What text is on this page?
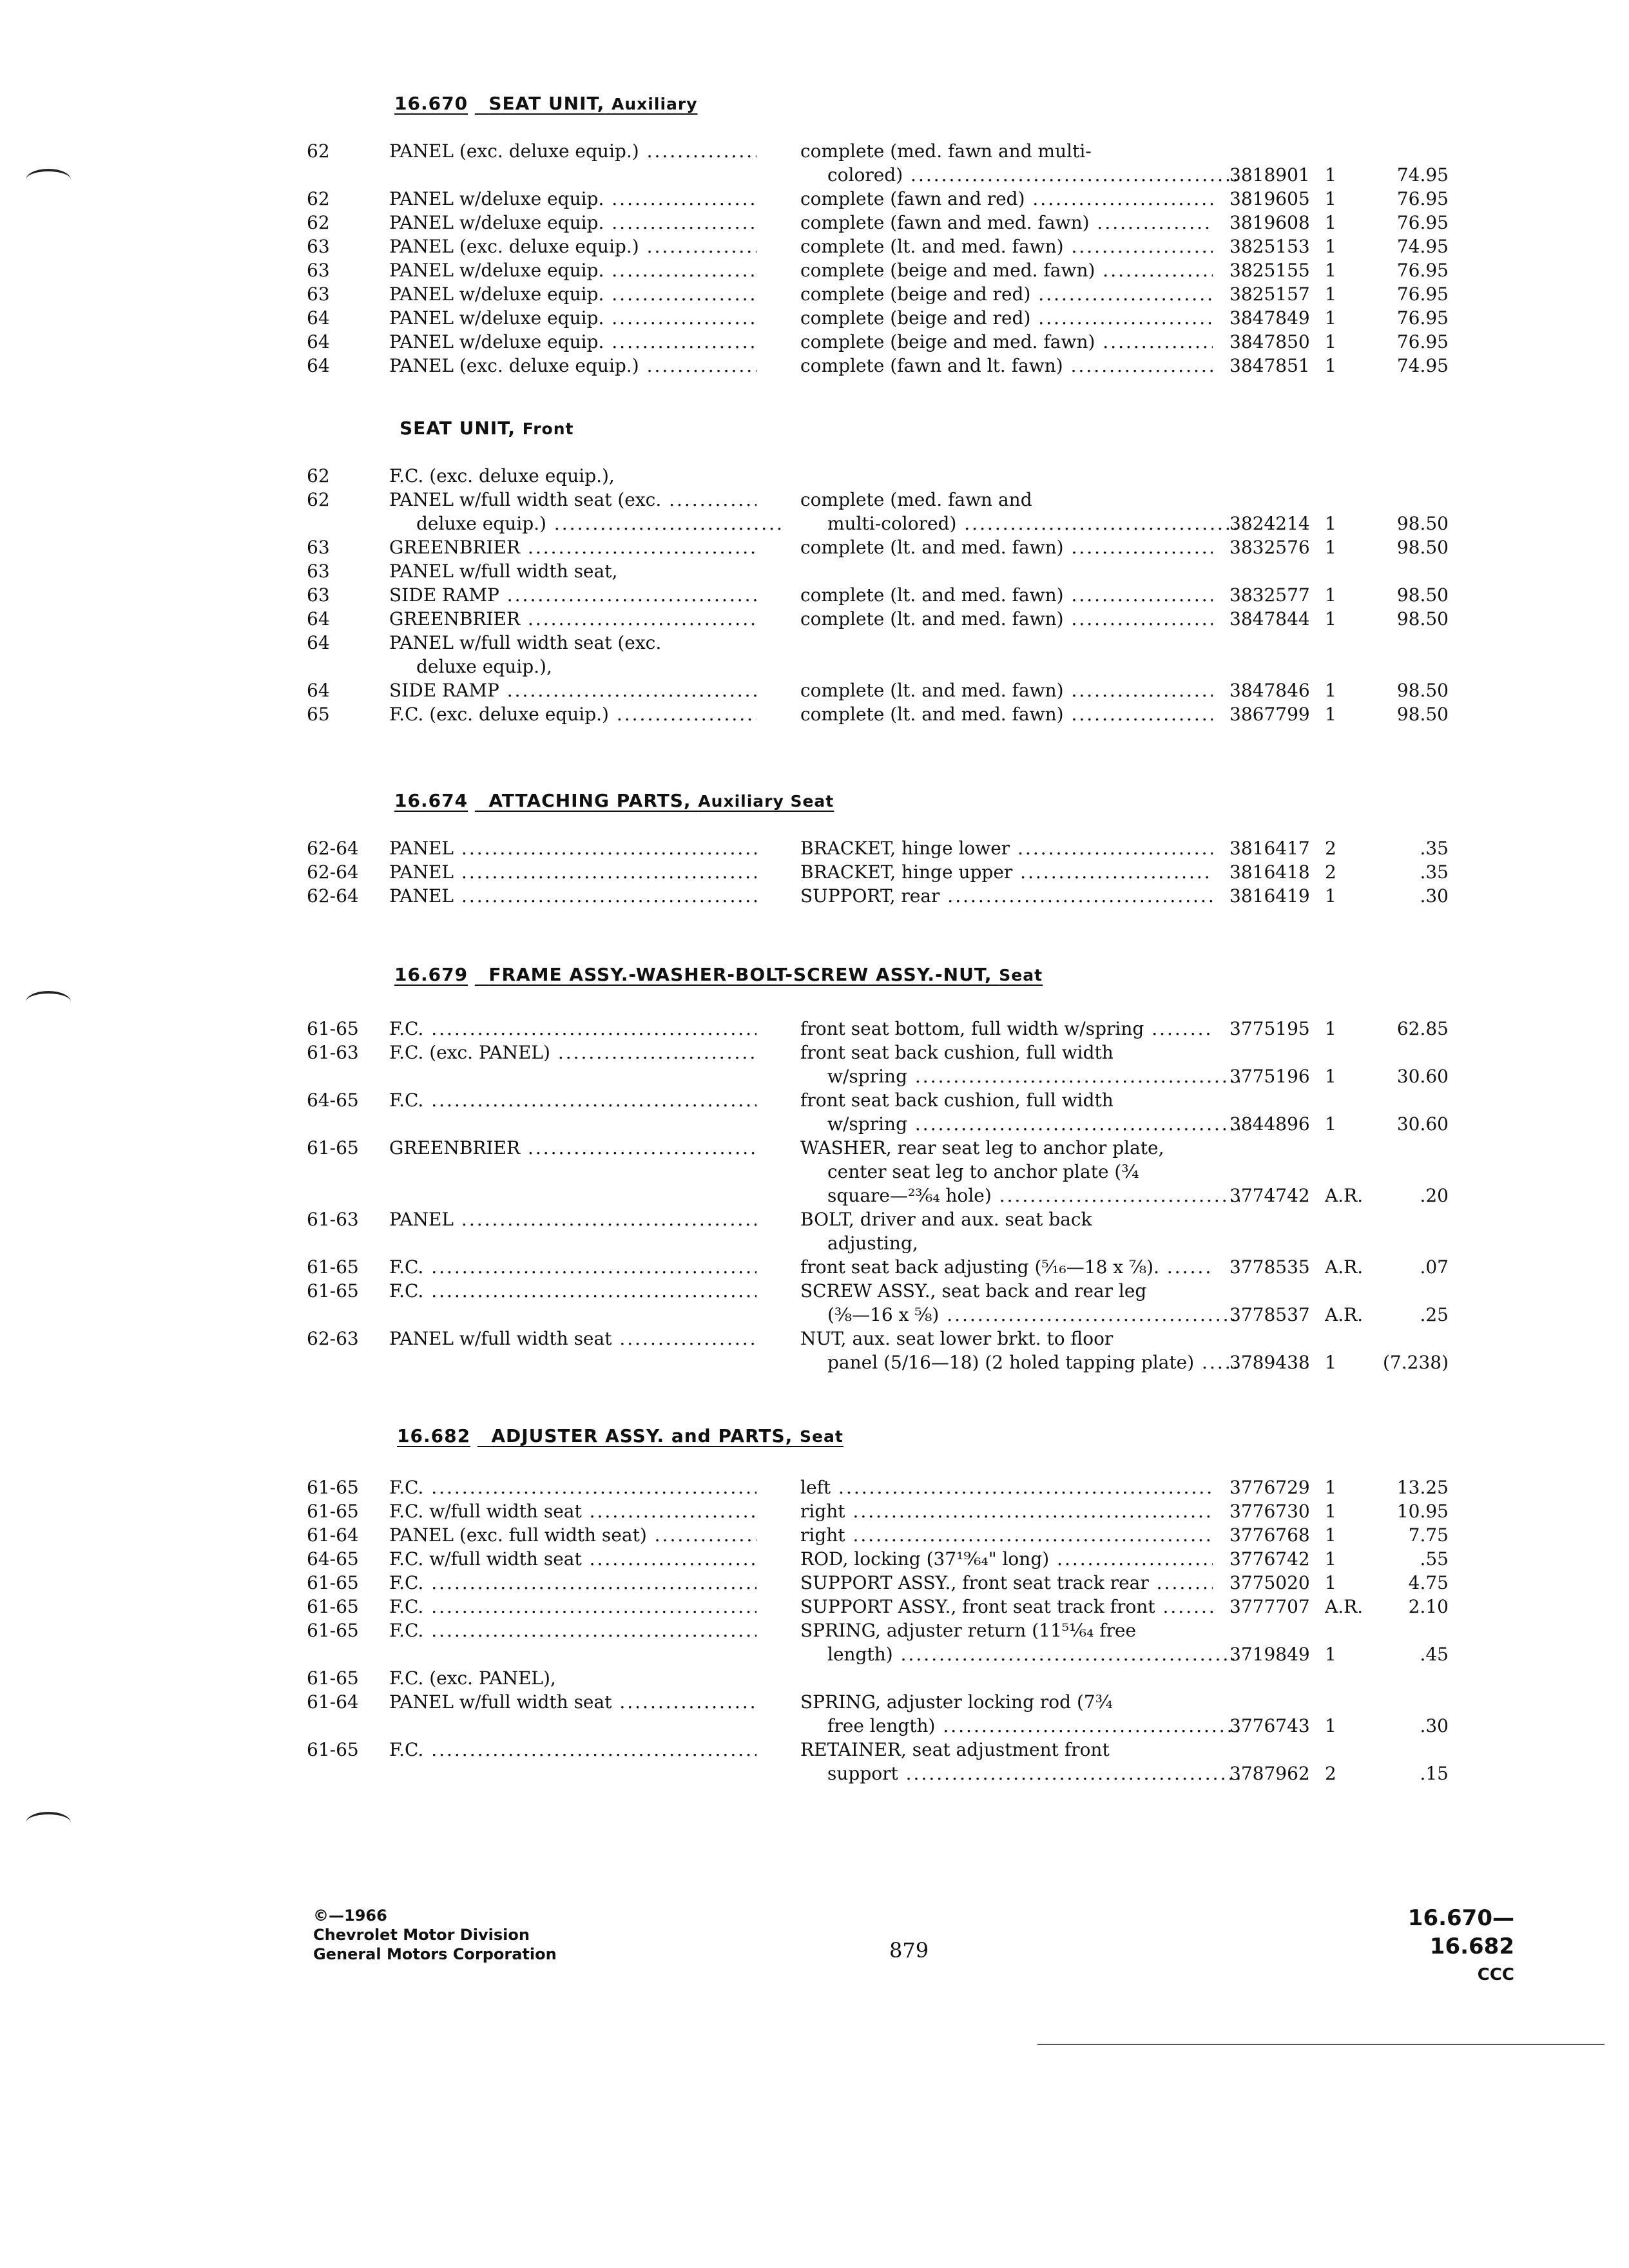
16.670 SEAT UNIT, Auxiliary
62	PANEL (exc. deluxe equip.) .....	complete (med. fawn and multi-
colored) .....	3818901 1	74.95
62	PANEL w/deluxe equip. .....	complete (fawn and red) .....	3819605 1	76.95
62	PANEL w/deluxe equip. .....	complete (fawn and med. fawn) .....	3819608 1	76.95
63	PANEL (exc. deluxe equip.) .....	complete (lt. and med. fawn) .....	3825153 1	74.95
63	PANEL w/deluxe equip. .....	complete (beige and med. fawn) .....	3825155 1	76.95
63	PANEL w/deluxe equip. .....	complete (beige and red) .....	3825157 1	76.95
64	PANEL w/deluxe equip. .....	complete (beige and red) .....	3847849 1	76.95
64	PANEL w/deluxe equip. .....	complete (beige and med. fawn) .....	3847850 1	76.95
64	PANEL (exc. deluxe equip.) .....	complete (fawn and lt. fawn) .....	3847851 1	74.95
SEAT UNIT, Front
62	F.C. (exc. deluxe equip.),
62	PANEL w/full width seat (exc. .....	complete (med. fawn and
deluxe equip.) .....	multi-colored) .....	3824214 1	98.50
63	GREENBRIER .....	complete (lt. and med. fawn) .....	3832576 1	98.50
63	PANEL w/full width seat,
63	SIDE RAMP .....	complete (lt. and med. fawn) .....	3832577 1	98.50
64	GREENBRIER .....	complete (lt. and med. fawn) .....	3847844 1	98.50
64	PANEL w/full width seat (exc.
deluxe equip.),
64	SIDE RAMP .....	complete (lt. and med. fawn) .....	3847846 1	98.50
65	F.C. (exc. deluxe equip.) .....	complete (lt. and med. fawn) .....	3867799 1	98.50
16.674 ATTACHING PARTS, Auxiliary Seat
62-64	PANEL .....	BRACKET, hinge lower .....	3816417 2	.35
62-64	PANEL .....	BRACKET, hinge upper .....	3816418 2	.35
62-64	PANEL .....	SUPPORT, rear .....	3816419 1	.30
16.679 FRAME ASSY.-WASHER-BOLT-SCREW ASSY.-NUT, Seat
61-65	F.C. .....	front seat bottom, full width w/spring .....	3775195 1	62.85
61-63	F.C. (exc. PANEL) .....	front seat back cushion, full width
w/spring .....	3775196 1	30.60
64-65	F.C. .....	front seat back cushion, full width
w/spring .....	3844896 1	30.60
61-65	GREENBRIER .....	WASHER, rear seat leg to anchor plate,
center seat leg to anchor plate (¾
square—²³⁄₆₄ hole) .....	3774742 A.R.	.20
61-63	PANEL .....	BOLT, driver and aux. seat back
adjusting,
61-65	F.C. .....	front seat back adjusting (⁵⁄₁₆—18 x ⅞). .....	3778535 A.R.	.07
61-65	F.C. .....	SCREW ASSY., seat back and rear leg
(⅜—16 x ⅝) .....	3778537 A.R.	.25
62-63	PANEL w/full width seat .....	NUT, aux. seat lower brkt. to floor
panel (5/16—18) (2 holed tapping plate) .....	3789438 1	(7.238)
16.682 ADJUSTER ASSY. and PARTS, Seat
61-65	F.C. .....	left .....	3776729 1	13.25
61-65	F.C. w/full width seat .....	right .....	3776730 1	10.95
61-64	PANEL (exc. full width seat) .....	right .....	3776768 1	7.75
64-65	F.C. w/full width seat .....	ROD, locking (37¹⁹⁄₆₄" long) .....	3776742 1	.55
61-65	F.C. .....	SUPPORT ASSY., front seat track rear .....	3775020 1	4.75
61-65	F.C. .....	SUPPORT ASSY., front seat track front .....	3777707 A.R.	2.10
61-65	F.C. .....	SPRING, adjuster return (11⁵¹⁄₆₄ free
length) .....	3719849 1	.45
61-65	F.C. (exc. PANEL),
61-64	PANEL w/full width seat .....	SPRING, adjuster locking rod (7¾
free length) .....	3776743 1	.30
61-65	F.C. .....	RETAINER, seat adjustment front
support .....	3787962 2	.15
©—1966
Chevrolet Motor Division
General Motors Corporation	879
16.670—16.682
CCC
